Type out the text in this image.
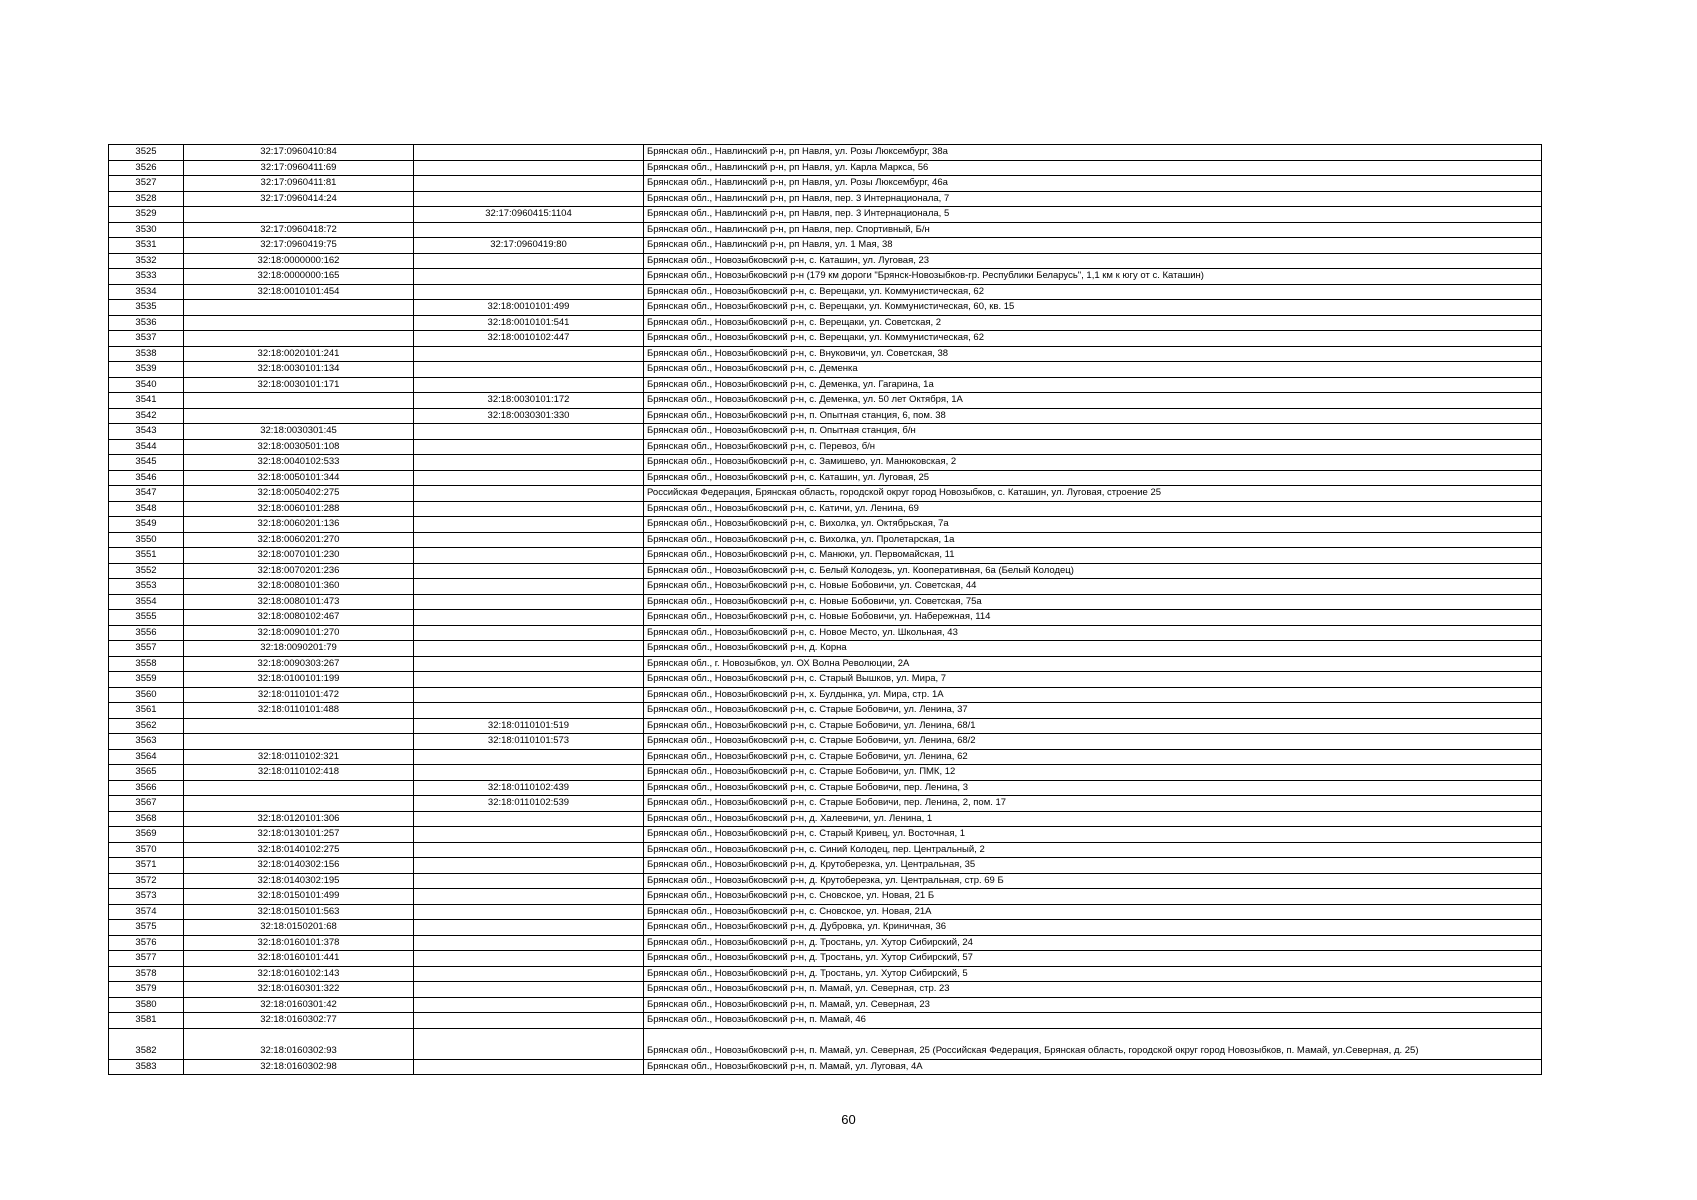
3525	32:17:0960410:84		Брянская обл., Навлинский р-н, рп Навля, ул. Розы Люксембург, 38а
3526	32:17:0960411:69		Брянская обл., Навлинский р-н, рп Навля, ул. Карла Маркса, 56
3527	32:17:0960411:81		Брянская обл., Навлинский р-н, рп Навля, ул. Розы Люксембург, 46а
3528	32:17:0960414:24		Брянская обл., Навлинский р-н, рп Навля, пер. 3 Интернационала, 7
3529		32:17:0960415:1104	Брянская обл., Навлинский р-н, рп Навля, пер. 3 Интернационала, 5
3530	32:17:0960418:72		Брянская обл., Навлинский р-н, рп Навля, пер. Спортивный, Б/н
3531	32:17:0960419:75	32:17:0960419:80	Брянская обл., Навлинский р-н, рп Навля, ул. 1 Мая, 38
3532	32:18:0000000:162		Брянская обл., Новозыбковский р-н, с. Каташин, ул. Луговая, 23
3533	32:18:0000000:165		Брянская обл., Новозыбковский р-н (179 км дороги "Брянск-Новозыбков-гр. Республики Беларусь", 1,1 км к югу от с. Каташин)
3534	32:18:0010101:454		Брянская обл., Новозыбковский р-н, с. Верещаки, ул. Коммунистическая, 62
3535		32:18:0010101:499	Брянская обл., Новозыбковский р-н, с. Верещаки, ул. Коммунистическая, 60, кв. 15
3536		32:18:0010101:541	Брянская обл., Новозыбковский р-н, с. Верещаки, ул. Советская, 2
3537		32:18:0010102:447	Брянская обл., Новозыбковский р-н, с. Верещаки, ул. Коммунистическая, 62
3538	32:18:0020101:241		Брянская обл., Новозыбковский р-н, с. Внуковичи, ул. Советская, 38
3539	32:18:0030101:134		Брянская обл., Новозыбковский р-н, с. Деменка
3540	32:18:0030101:171		Брянская обл., Новозыбковский р-н, с. Деменка, ул. Гагарина, 1а
3541		32:18:0030101:172	Брянская обл., Новозыбковский р-н, с. Деменка, ул. 50 лет Октября, 1А
3542		32:18:0030301:330	Брянская обл., Новозыбковский р-н, п. Опытная станция, 6, пом. 38
3543	32:18:0030301:45		Брянская обл., Новозыбковский р-н, п. Опытная станция, б/н
3544	32:18:0030501:108		Брянская обл., Новозыбковский р-н, с. Перевоз, б/н
3545	32:18:0040102:533		Брянская обл., Новозыбковский р-н, с. Замишево, ул. Манюковская, 2
3546	32:18:0050101:344		Брянская обл., Новозыбковский р-н, с. Каташин, ул. Луговая, 25
3547	32:18:0050402:275		Российская Федерация, Брянская область, городской округ город Новозыбков, с. Каташин, ул. Луговая, строение 25
3548	32:18:0060101:288		Брянская обл., Новозыбковский р-н, с. Катичи, ул. Ленина, 69
3549	32:18:0060201:136		Брянская обл., Новозыбковский р-н, с. Вихолка, ул. Октябрьская, 7а
3550	32:18:0060201:270		Брянская обл., Новозыбковский р-н, с. Вихолка, ул. Пролетарская, 1а
3551	32:18:0070101:230		Брянская обл., Новозыбковский р-н, с. Манюки, ул. Первомайская, 11
3552	32:18:0070201:236		Брянская обл., Новозыбковский р-н, с. Белый Колодезь, ул. Кооперативная, 6а (Белый Колодец)
3553	32:18:0080101:360		Брянская обл., Новозыбковский р-н, с. Новые Бобовичи, ул. Советская, 44
3554	32:18:0080101:473		Брянская обл., Новозыбковский р-н, с. Новые Бобовичи, ул. Советская, 75а
3555	32:18:0080102:467		Брянская обл., Новозыбковский р-н, с. Новые Бобовичи, ул. Набережная, 114
3556	32:18:0090101:270		Брянская обл., Новозыбковский р-н, с. Новое Место, ул. Школьная, 43
3557	32:18:0090201:79		Брянская обл., Новозыбковский р-н, д. Корна
3558	32:18:0090303:267		Брянская обл., г. Новозыбков, ул. ОХ Волна Революции, 2А
3559	32:18:0100101:199		Брянская обл., Новозыбковский р-н, с. Старый Вышков, ул. Мира, 7
3560	32:18:0110101:472		Брянская обл., Новозыбковский р-н, х. Булдынка, ул. Мира, стр. 1А
3561	32:18:0110101:488		Брянская обл., Новозыбковский р-н, с. Старые Бобовичи, ул. Ленина, 37
3562		32:18:0110101:519	Брянская обл., Новозыбковский р-н, с. Старые Бобовичи, ул. Ленина, 68/1
3563		32:18:0110101:573	Брянская обл., Новозыбковский р-н, с. Старые Бобовичи, ул. Ленина, 68/2
3564	32:18:0110102:321		Брянская обл., Новозыбковский р-н, с. Старые Бобовичи, ул. Ленина, 62
3565	32:18:0110102:418		Брянская обл., Новозыбковский р-н, с. Старые Бобовичи, ул. ПМК, 12
3566		32:18:0110102:439	Брянская обл., Новозыбковский р-н, с. Старые Бобовичи, пер. Ленина, 3
3567		32:18:0110102:539	Брянская обл., Новозыбковский р-н, с. Старые Бобовичи, пер. Ленина, 2, пом. 17
3568	32:18:0120101:306		Брянская обл., Новозыбковский р-н, д. Халеевичи, ул. Ленина, 1
3569	32:18:0130101:257		Брянская обл., Новозыбковский р-н, с. Старый Кривец, ул. Восточная, 1
3570	32:18:0140102:275		Брянская обл., Новозыбковский р-н, с. Синий Колодец, пер. Центральный, 2
3571	32:18:0140302:156		Брянская обл., Новозыбковский р-н, д. Крутоберезка, ул. Центральная, 35
3572	32:18:0140302:195		Брянская обл., Новозыбковский р-н, д. Крутоберезка, ул. Центральная, стр. 69 Б
3573	32:18:0150101:499		Брянская обл., Новозыбковский р-н, с. Сновское, ул. Новая, 21 Б
3574	32:18:0150101:563		Брянская обл., Новозыбковский р-н, с. Сновское, ул. Новая, 21А
3575	32:18:0150201:68		Брянская обл., Новозыбковский р-н, д. Дубровка, ул. Криничная, 36
3576	32:18:0160101:378		Брянская обл., Новозыбковский р-н, д. Тростань, ул. Хутор Сибирский, 24
3577	32:18:0160101:441		Брянская обл., Новозыбковский р-н, д. Тростань, ул. Хутор Сибирский, 57
3578	32:18:0160102:143		Брянская обл., Новозыбковский р-н, д. Тростань, ул. Хутор Сибирский, 5
3579	32:18:0160301:322		Брянская обл., Новозыбковский р-н, п. Мамай, ул. Северная, стр. 23
3580	32:18:0160301:42		Брянская обл., Новозыбковский р-н, п. Мамай, ул. Северная, 23
3581	32:18:0160302:77		Брянская обл., Новозыбковский р-н, п. Мамай, 46
3582	32:18:0160302:93		Брянская обл., Новозыбковский р-н, п. Мамай, ул. Северная, 25 (Российская Федерация, Брянская область, городской округ город Новозыбков, п. Мамай, ул.Северная, д. 25)
3583	32:18:0160302:98		Брянская обл., Новозыбковский р-н, п. Мамай, ул. Луговая, 4А
60
